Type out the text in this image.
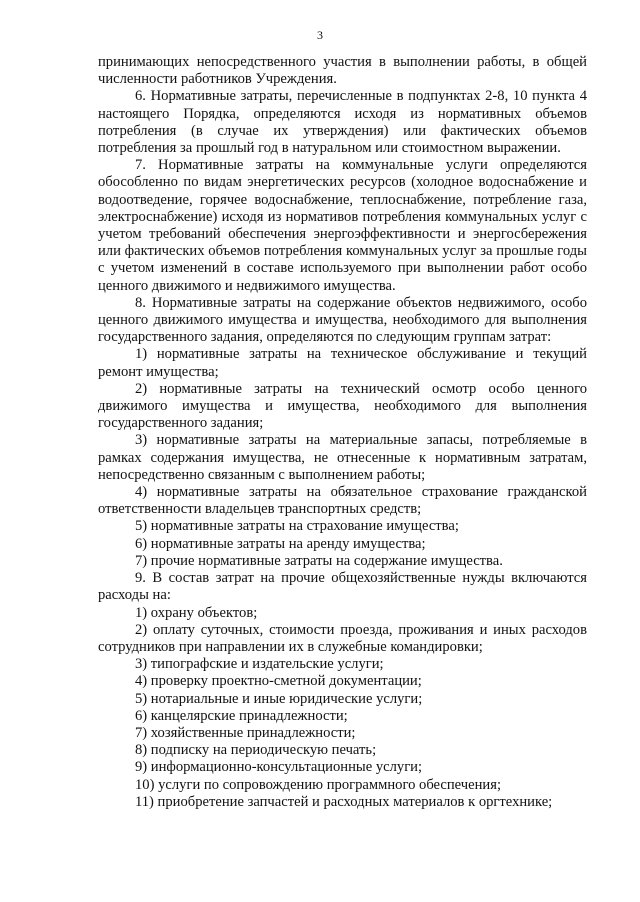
3

принимающих непосредственного участия в выполнении работы, в общей численности работников Учреждения.

6. Нормативные затраты, перечисленные в подпунктах 2-8, 10 пункта 4 настоящего Порядка, определяются исходя из нормативных объемов потребления (в случае их утверждения) или фактических объемов потребления за прошлый год в натуральном или стоимостном выражении.

7. Нормативные затраты на коммунальные услуги определяются обособленно по видам энергетических ресурсов (холодное водоснабжение и водоотведение, горячее водоснабжение, теплоснабжение, потребление газа, электроснабжение) исходя из нормативов потребления коммунальных услуг с учетом требований обеспечения энергоэффективности и энергосбережения или фактических объемов потребления коммунальных услуг за прошлые годы с учетом изменений в составе используемого при выполнении работ особо ценного движимого и недвижимого имущества.

8. Нормативные затраты на содержание объектов недвижимого, особо ценного движимого имущества и имущества, необходимого для выполнения государственного задания, определяются по следующим группам затрат:

1) нормативные затраты на техническое обслуживание и текущий ремонт имущества;

2) нормативные затраты на технический осмотр особо ценного движимого имущества и имущества, необходимого для выполнения государственного задания;

3) нормативные затраты на материальные запасы, потребляемые в рамках содержания имущества, не отнесенные к нормативным затратам, непосредственно связанным с выполнением работы;

4) нормативные затраты на обязательное страхование гражданской ответственности владельцев транспортных средств;

5) нормативные затраты на страхование имущества;

6) нормативные затраты на аренду имущества;

7) прочие нормативные затраты на содержание имущества.

9. В состав затрат на прочие общехозяйственные нужды включаются расходы на:

1) охрану объектов;

2) оплату суточных, стоимости проезда, проживания и иных расходов сотрудников при направлении их в служебные командировки;

3) типографские и издательские услуги;

4) проверку проектно-сметной документации;

5) нотариальные и иные юридические услуги;

6) канцелярские принадлежности;

7) хозяйственные принадлежности;

8) подписку на периодическую печать;

9) информационно-консультационные услуги;

10) услуги по сопровождению программного обеспечения;

11) приобретение запчастей и расходных материалов к оргтехнике;
